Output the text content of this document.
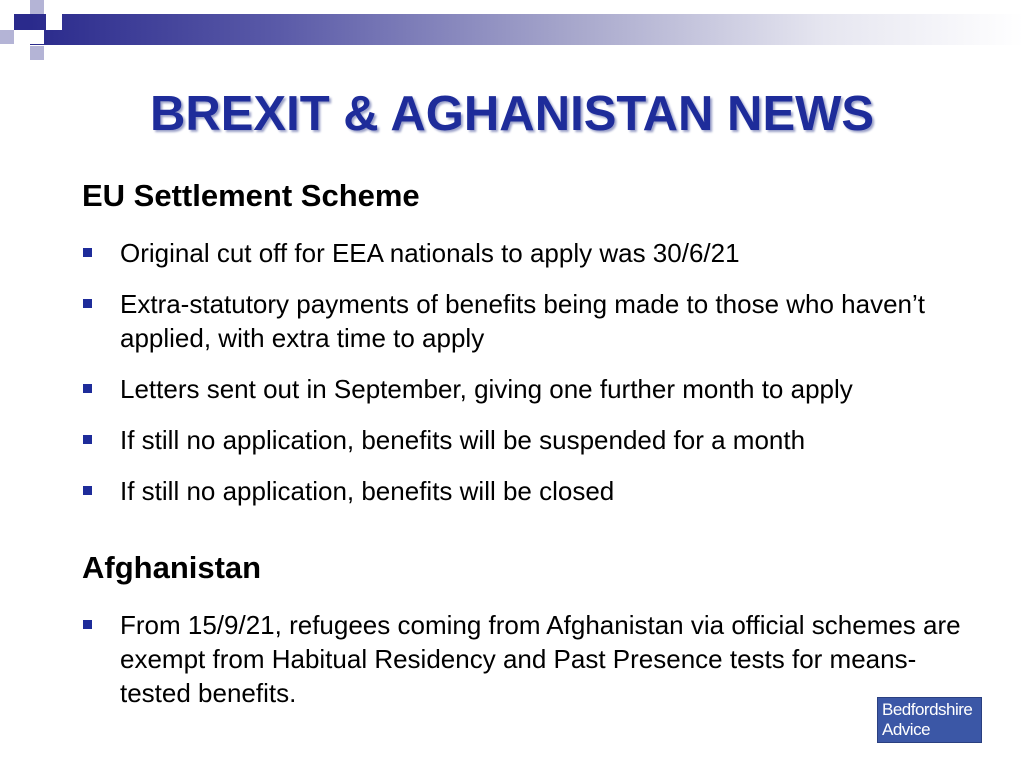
BREXIT & AGHANISTAN NEWS
EU Settlement Scheme
Original cut off for EEA nationals to apply was 30/6/21
Extra-statutory payments of benefits being made to those who haven’t applied, with extra time to apply
Letters sent out in September, giving one further month to apply
If still no application, benefits will be suspended for a month
If still no application, benefits will be closed
Afghanistan
From 15/9/21, refugees coming from Afghanistan via official schemes are exempt from Habitual Residency and Past Presence tests for means-tested benefits.
Bedfordshire
Advice Forum
